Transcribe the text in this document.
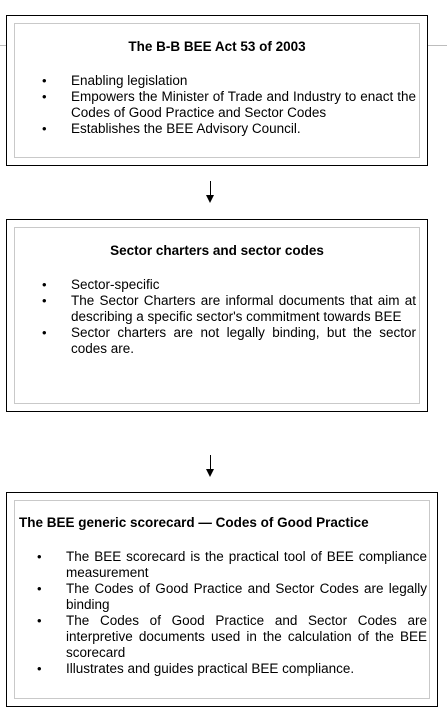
The B-B BEE Act 53 of 2003
• Enabling legislation
• Empowers the Minister of Trade and Industry to enact the Codes of Good Practice and Sector Codes
• Establishes the BEE Advisory Council.
Sector charters and sector codes
• Sector-specific
• The Sector Charters are informal documents that aim at describing a specific sector's commitment towards BEE
• Sector charters are not legally binding, but the sector codes are.
The BEE generic scorecard — Codes of Good Practice
• The BEE scorecard is the practical tool of BEE compliance measurement
• The Codes of Good Practice and Sector Codes are legally binding
• The Codes of Good Practice and Sector Codes are interpretive documents used in the calculation of the BEE scorecard
• Illustrates and guides practical BEE compliance.
